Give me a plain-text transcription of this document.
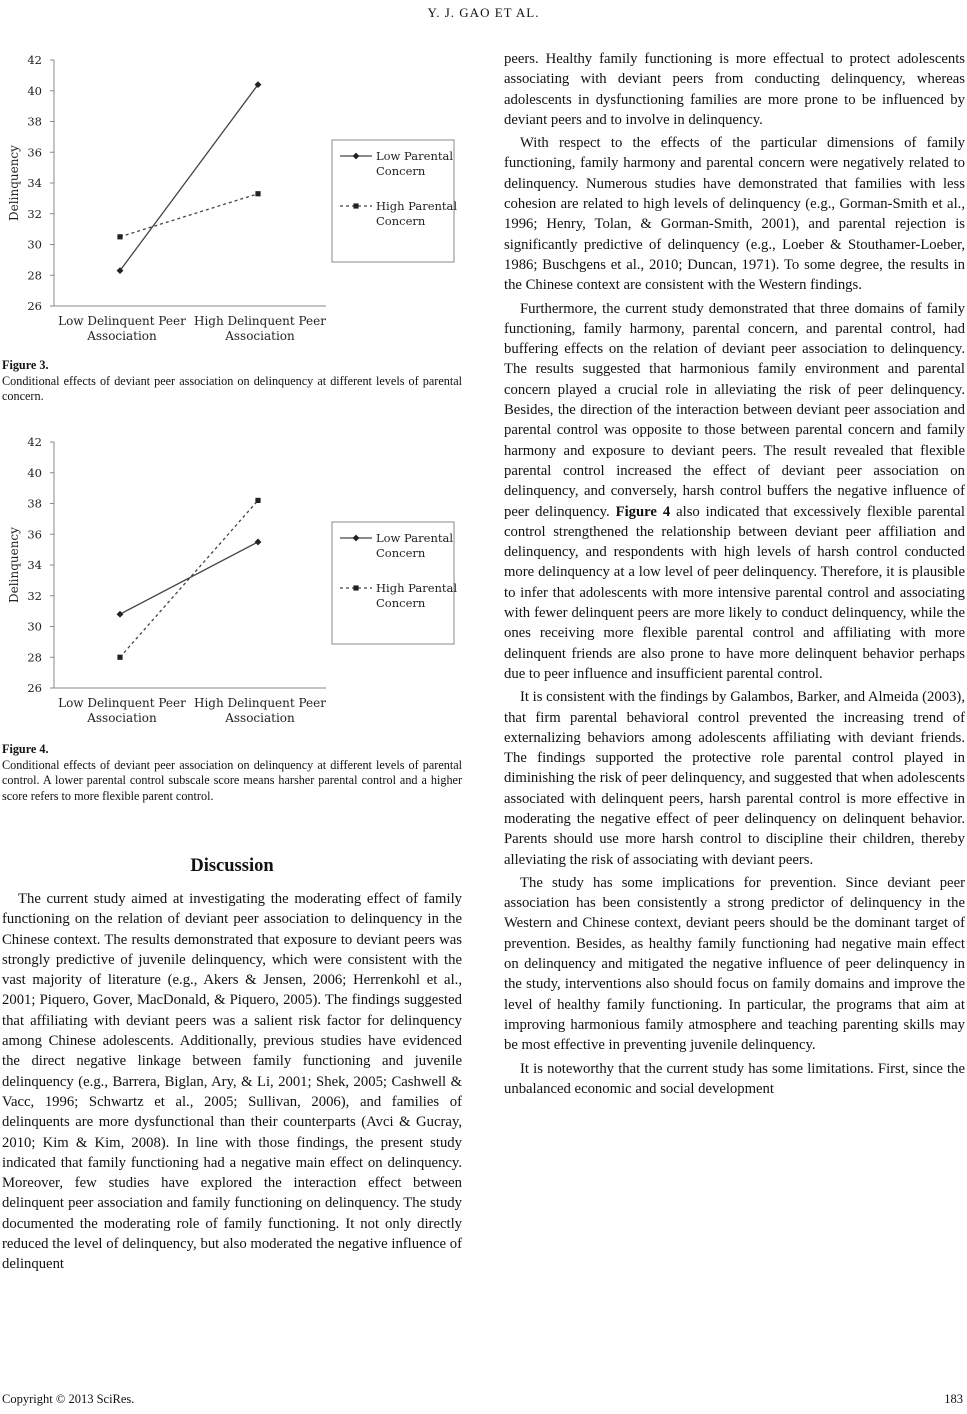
Y. J. GAO ET AL.
26
28
30
32
34
36
38
40
42
Delinquency
Low Delinquent Peer
Association
High Delinquent Peer
Association
Low Parental
Concern
High Parental
Concern
Figure 3.
Conditional effects of deviant peer association on delinquency at different levels of parental concern.
26
28
30
32
34
36
38
40
42
Delinquency
Low Delinquent Peer
Association
High Delinquent Peer
Association
Low Parental
Concern
High Parental
Concern
Figure 4.
Conditional effects of deviant peer association on delinquency at different levels of parental control. A lower parental control subscale score means harsher parental control and a higher score refers to more flexible parent control.
Discussion

The current study aimed at investigating the moderating effect of family functioning on the relation of deviant peer association to delinquency in the Chinese context. The results demonstrated that exposure to deviant peers was strongly predictive of juvenile delinquency, which were consistent with the vast majority of literature (e.g., Akers & Jensen, 2006; Herrenkohl et al., 2001; Piquero, Gover, MacDonald, & Piquero, 2005). The findings suggested that affiliating with deviant peers was a salient risk factor for delinquency among Chinese adolescents. Additionally, previous studies have evidenced the direct negative linkage between family functioning and juvenile delinquency (e.g., Barrera, Biglan, Ary, & Li, 2001; Shek, 2005; Cashwell & Vacc, 1996; Schwartz et al., 2005; Sullivan, 2006), and families of delinquents are more dysfunctional than their counterparts (Avci & Gucray, 2010; Kim & Kim, 2008). In line with those findings, the present study indicated that family functioning had a negative main effect on delinquency. Moreover, few studies have explored the interaction effect between delinquent peer association and family functioning on delinquency. The study documented the moderating role of family functioning. It not only directly reduced the level of delinquency, but also moderated the negative influence of delinquent

peers. Healthy family functioning is more effectual to protect adolescents associating with deviant peers from conducting delinquency, whereas adolescents in dysfunctioning families are more prone to be influenced by deviant peers and to involve in delinquency.

With respect to the effects of the particular dimensions of family functioning, family harmony and parental concern were negatively related to delinquency. Numerous studies have demonstrated that families with less cohesion are related to high levels of delinquency (e.g., Gorman-Smith et al., 1996; Henry, Tolan, & Gorman-Smith, 2001), and parental rejection is significantly predictive of delinquency (e.g., Loeber & Stouthamer-Loeber, 1986; Buschgens et al., 2010; Duncan, 1971). To some degree, the results in the Chinese context are consistent with the Western findings.

Furthermore, the current study demonstrated that three domains of family functioning, family harmony, parental concern, and parental control, had buffering effects on the relation of deviant peer association to delinquency. The results suggested that harmonious family environment and parental concern played a crucial role in alleviating the risk of peer delinquency. Besides, the direction of the interaction between deviant peer association and parental control was opposite to those between parental concern and family harmony and exposure to deviant peers. The result revealed that flexible parental control increased the effect of deviant peer association on delinquency, and conversely, harsh control buffers the negative influence of peer delinquency. Figure 4 also indicated that excessively flexible parental control strengthened the relationship between deviant peer affiliation and delinquency, and respondents with high levels of harsh control conducted more delinquency at a low level of peer delinquency. Therefore, it is plausible to infer that adolescents with more intensive parental control and associating with fewer delinquent peers are more likely to conduct delinquency, while the ones receiving more flexible parental control and affiliating with more delinquent friends are also prone to have more delinquent behavior perhaps due to peer influence and insufficient parental control.

It is consistent with the findings by Galambos, Barker, and Almeida (2003), that firm parental behavioral control prevented the increasing trend of externalizing behaviors among adolescents affiliating with deviant friends. The findings supported the protective role parental control played in diminishing the risk of peer delinquency, and suggested that when adolescents associated with delinquent peers, harsh parental control is more effective in moderating the negative effect of peer delinquency on delinquent behavior. Parents should use more harsh control to discipline their children, thereby alleviating the risk of associating with deviant peers.

The study has some implications for prevention. Since deviant peer association has been consistently a strong predictor of delinquency in the Western and Chinese context, deviant peers should be the dominant target of prevention. Besides, as healthy family functioning had negative main effect on delinquency and mitigated the negative influence of peer delinquency in the study, interventions also should focus on family domains and improve the level of healthy family functioning. In particular, the programs that aim at improving harmonious family atmosphere and teaching parenting skills may be most effective in preventing juvenile delinquency.

It is noteworthy that the current study has some limitations. First, since the unbalanced economic and social development

Copyright © 2013 SciRes.	183
